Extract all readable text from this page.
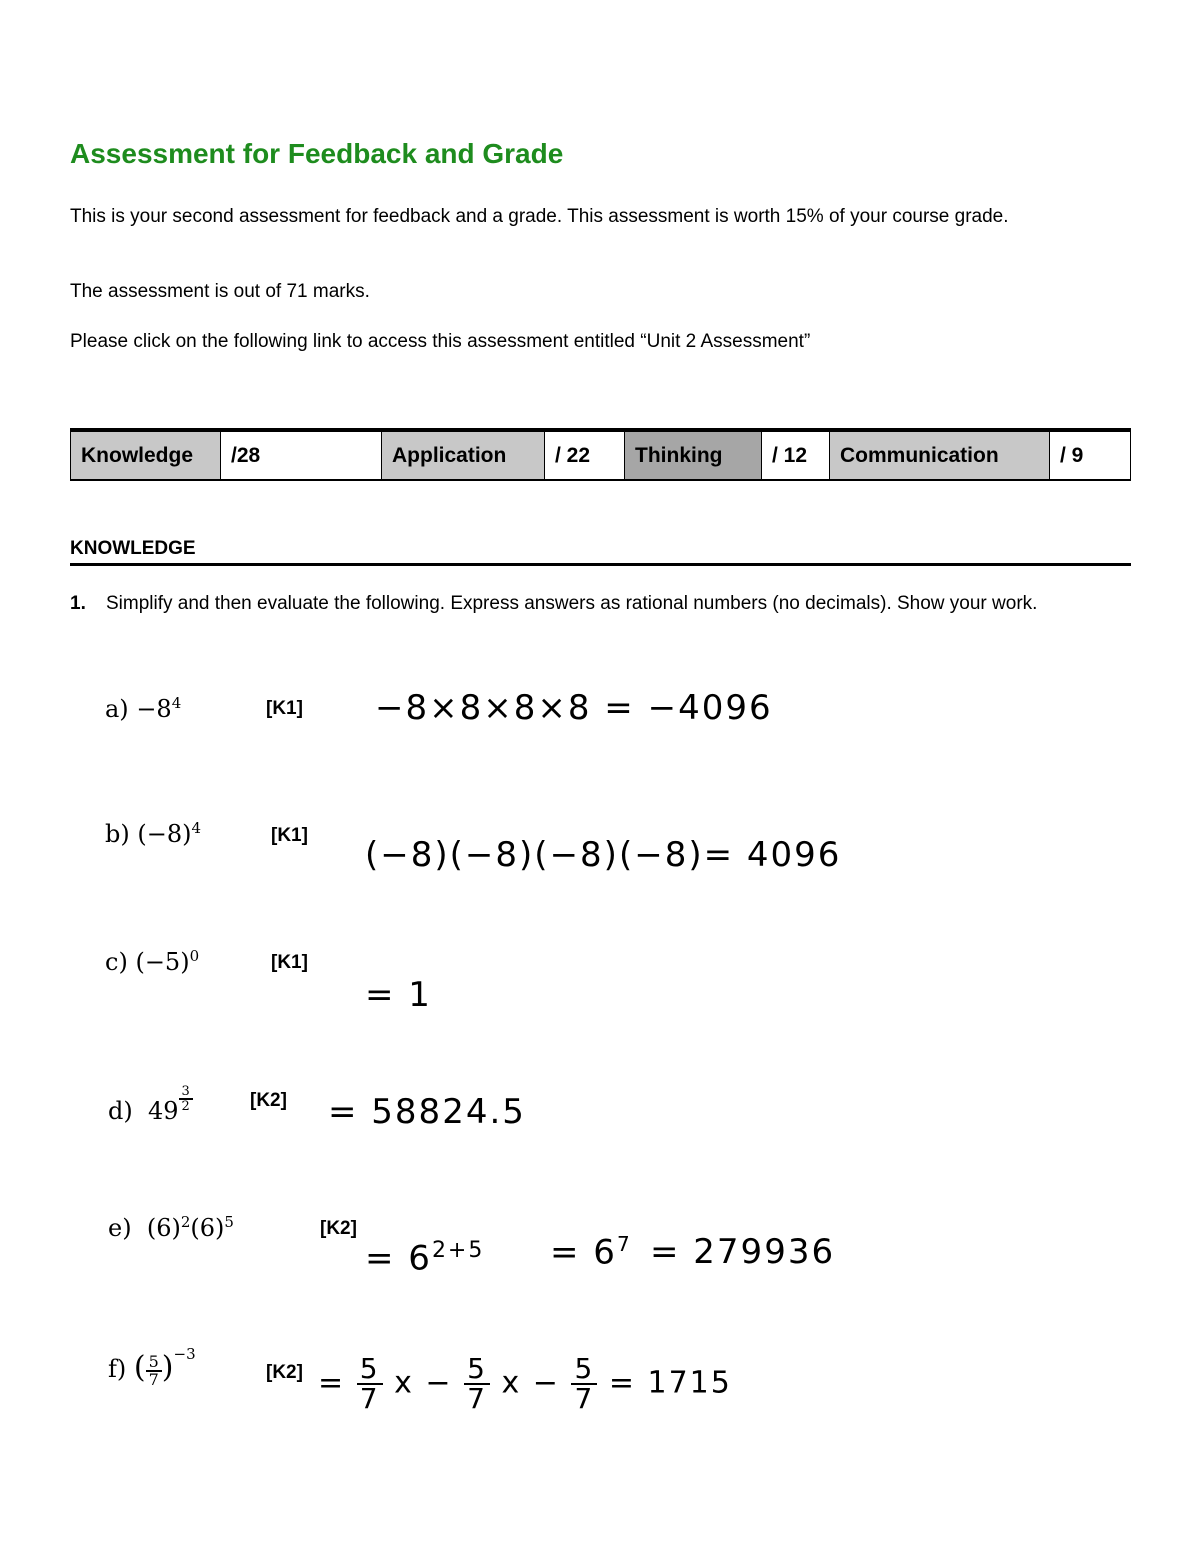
Assessment for Feedback and Grade
This is your second assessment for feedback and a grade. This assessment is worth 15% of your course grade.
The assessment is out of 71 marks.
Please click on the following link to access this assessment entitled “Unit 2 Assessment”
Knowledge	/28	Application	/ 22	Thinking	/ 12	Communication	/ 9
KNOWLEDGE
1. Simplify and then evaluate the following. Express answers as rational numbers (no decimals). Show your work.
$a) -8^4$	[K1] −8×8×8×8 = −4096
b) $(-8)^4$	[K1] (−8)(−8)(−8)(−8)= 4096
c) $(-5)^0$	[K1]
= 1
d) $49 \frac{3}{2}$	[K2] = 58824.5
e) $(6)^2(6)^5$	[K2]
= $6^{2+5} = 6^7 = 279936$
f) ( $\frac{5}{7} )^{-3}$
$[K2] = \frac{5}{7}$ $x - \frac{5}{7}$ $x - \frac{5}{7} = 1715$
